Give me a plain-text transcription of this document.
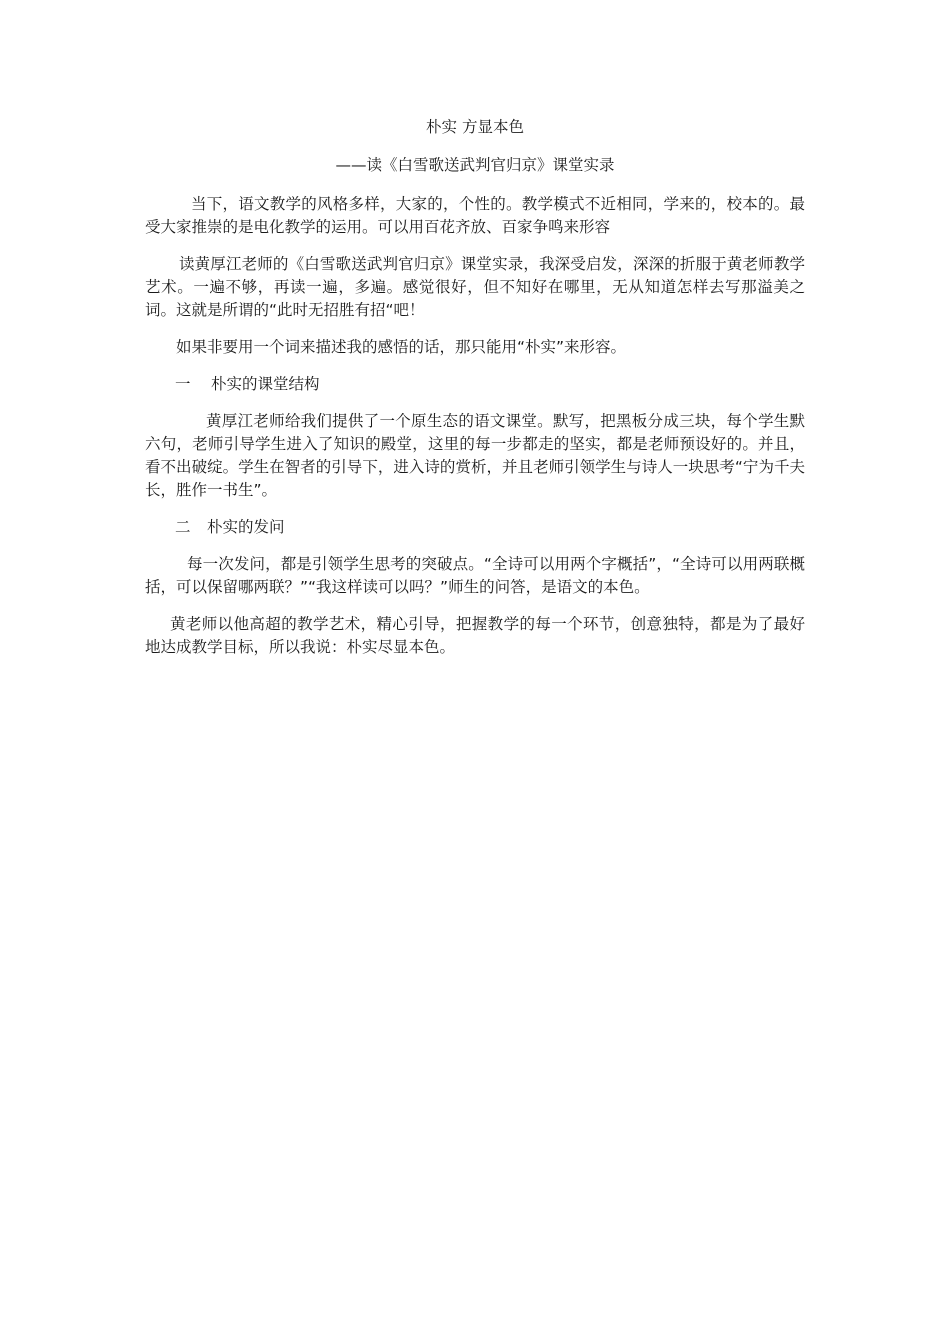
朴实 方显本色
——读《白雪歌送武判官归京》课堂实录

当下，语文教学的风格多样，大家的，个性的。教学模式不近相同，学来的，校本的。最受大家推崇的是电化教学的运用。可以用百花齐放、百家争鸣来形容

读黄厚江老师的《白雪歌送武判官归京》课堂实录，我深受启发，深深的折服于黄老师教学艺术。一遍不够，再读一遍，多遍。感觉很好，但不知好在哪里，无从知道怎样去写那溢美之词。这就是所谓的“此时无招胜有招“吧！

如果非要用一个词来描述我的感悟的话，那只能用“朴实”来形容。

一 朴实的课堂结构

黄厚江老师给我们提供了一个原生态的语文课堂。默写，把黑板分成三块，每个学生默六句，老师引导学生进入了知识的殿堂，这里的每一步都走的坚实，都是老师预设好的。并且，看不出破绽。学生在智者的引导下，进入诗的赏析，并且老师引领学生与诗人一块思考“宁为千夫长，胜作一书生”。

二 朴实的发问

每一次发问，都是引领学生思考的突破点。“全诗可以用两个字概括”，“全诗可以用两联概括，可以保留哪两联？”“我这样读可以吗？”师生的问答，是语文的本色。

黄老师以他高超的教学艺术，精心引导，把握教学的每一个环节，创意独特，都是为了最好地达成教学目标，所以我说：朴实尽显本色。
